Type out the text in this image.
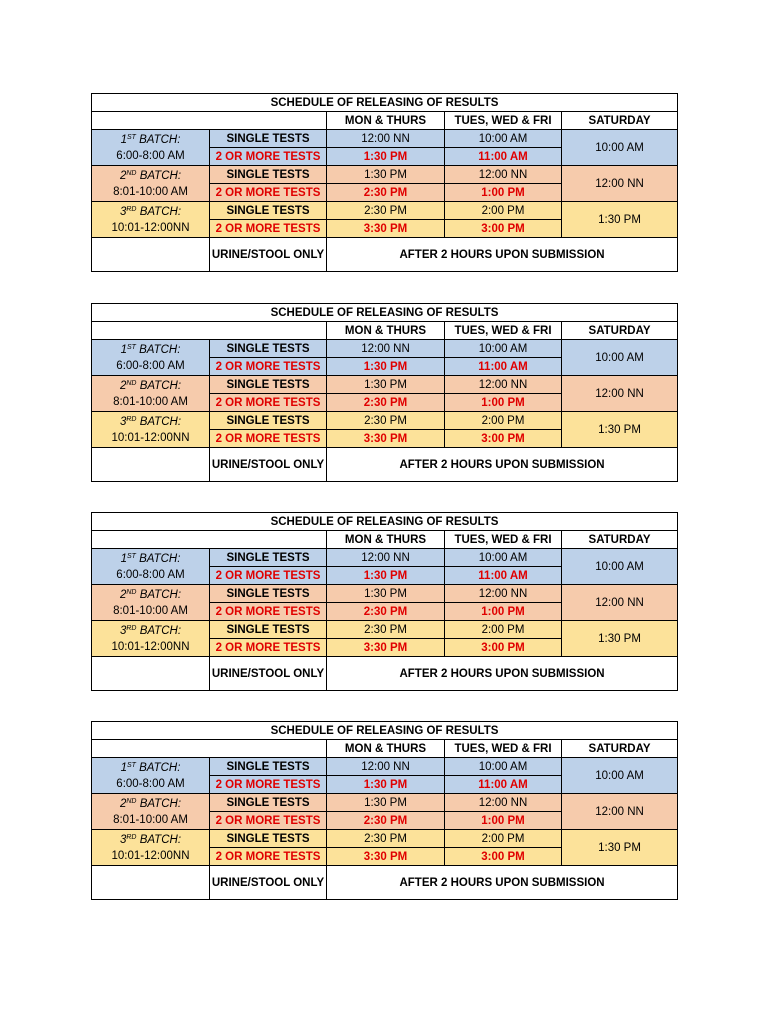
SCHEDULE OF RELEASING OF RESULTS				
		MON & THURS	TUES, WED & FRI	SATURDAY

1ST BATCH:
6:00-8:00 AM	SINGLE TESTS	12:00 NN	10:00 AM	10:00 AM
	2 OR MORE TESTS	1:30 PM	11:00 AM	

2ND BATCH:
8:01-10:00 AM	SINGLE TESTS	1:30 PM	12:00 NN	12:00 NN
	2 OR MORE TESTS	2:30 PM	1:00 PM	

3RD BATCH:
10:01-12:00NN	SINGLE TESTS	2:30 PM	2:00 PM	1:30 PM
	2 OR MORE TESTS	3:30 PM	3:00 PM	
	URINE/STOOL ONLY	AFTER 2 HOURS UPON SUBMISSION		
SCHEDULE OF RELEASING OF RESULTS				
		MON & THURS	TUES, WED & FRI	SATURDAY

1ST BATCH:
6:00-8:00 AM	SINGLE TESTS	12:00 NN	10:00 AM	10:00 AM
	2 OR MORE TESTS	1:30 PM	11:00 AM	

2ND BATCH:
8:01-10:00 AM	SINGLE TESTS	1:30 PM	12:00 NN	12:00 NN
	2 OR MORE TESTS	2:30 PM	1:00 PM	

3RD BATCH:
10:01-12:00NN	SINGLE TESTS	2:30 PM	2:00 PM	1:30 PM
	2 OR MORE TESTS	3:30 PM	3:00 PM	
	URINE/STOOL ONLY	AFTER 2 HOURS UPON SUBMISSION		
SCHEDULE OF RELEASING OF RESULTS				
		MON & THURS	TUES, WED & FRI	SATURDAY

1ST BATCH:
6:00-8:00 AM	SINGLE TESTS	12:00 NN	10:00 AM	10:00 AM
	2 OR MORE TESTS	1:30 PM	11:00 AM	

2ND BATCH:
8:01-10:00 AM	SINGLE TESTS	1:30 PM	12:00 NN	12:00 NN
	2 OR MORE TESTS	2:30 PM	1:00 PM	

3RD BATCH:
10:01-12:00NN	SINGLE TESTS	2:30 PM	2:00 PM	1:30 PM
	2 OR MORE TESTS	3:30 PM	3:00 PM	
	URINE/STOOL ONLY	AFTER 2 HOURS UPON SUBMISSION		
SCHEDULE OF RELEASING OF RESULTS				
		MON & THURS	TUES, WED & FRI	SATURDAY

1ST BATCH:
6:00-8:00 AM	SINGLE TESTS	12:00 NN	10:00 AM	10:00 AM
	2 OR MORE TESTS	1:30 PM	11:00 AM	

2ND BATCH:
8:01-10:00 AM	SINGLE TESTS	1:30 PM	12:00 NN	12:00 NN
	2 OR MORE TESTS	2:30 PM	1:00 PM	

3RD BATCH:
10:01-12:00NN	SINGLE TESTS	2:30 PM	2:00 PM	1:30 PM
	2 OR MORE TESTS	3:30 PM	3:00 PM	
	URINE/STOOL ONLY	AFTER 2 HOURS UPON SUBMISSION		
